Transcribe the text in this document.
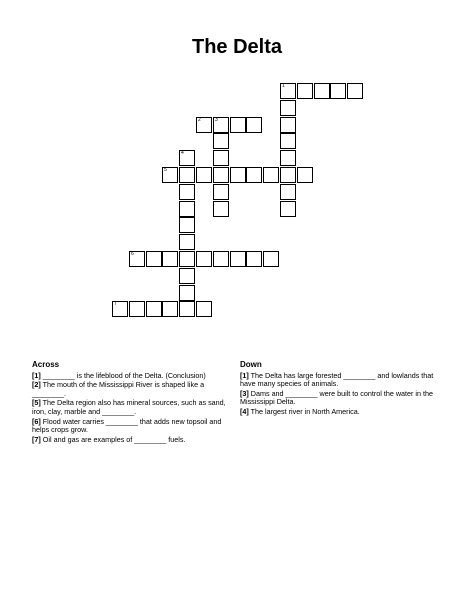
The Delta
1
2	3
4
5
6
7
Across
[1] ________ is the lifeblood of the Delta. (Conclusion)
[2] The mouth of the Mississippi River is shaped like a ________.
[5] The Delta region also has mineral sources, such as sand, iron, clay, marble and ________.
[6] Flood water carries ________ that adds new topsoil and helps crops grow.
[7] Oil and gas are examples of ________ fuels.
Down
[1] The Delta has large forested ________ and lowlands that have many species of animals.
[3] Dams and ________ were built to control the water in the Mississippi Delta.
[4] The largest river in North America.
